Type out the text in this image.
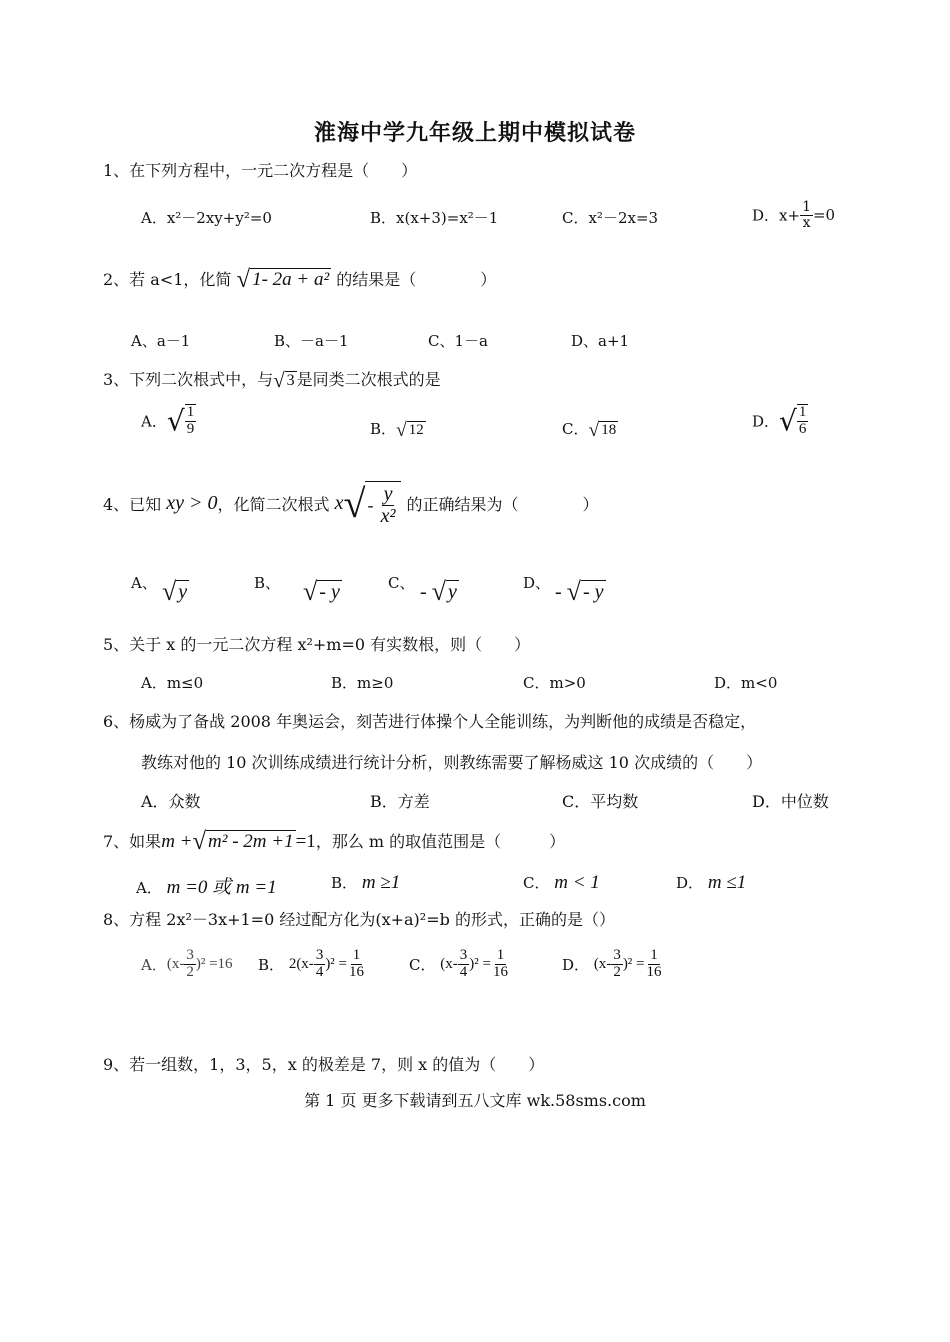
淮海中学九年级上期中模拟试卷
1、在下列方程中，一元二次方程是（　　）
A．x²－2xy+y²=0	B．x(x+3)=x²－1	C．x²－2x=3	D．$x+ \frac{1}{x} =0$
2、若 a<1，化简 √ 1- 2a + a² 的结果是（　　　　）
A、a－1	B、－a－1	C、1－a	D、a+1
3、下列二次根式中，与√ 3 是同类二次根式的是
A．√ $\frac{1}{9}$	B．√ 12	C．√ 18	D．√ $\frac{1}{6}$
4、已知 xy > 0，化简二次根式 $x√ - \frac{y}{\text{x²}}$ 的正确结果为（　　　　）
A、 √ y	B、 √ - y	C、 - √ y	D、 - √ - y
5、关于 x 的一元二次方程 x²+m=0 有实数根，则（　　）
A．m≤0	B．m≥0	C．m>0	D．m<0
6、杨威为了备战 2008 年奥运会，刻苦进行体操个人全能训练，为判断他的成绩是否稳定，
教练对他的 10 次训练成绩进行统计分析，则教练需要了解杨威这 10 次成绩的（　　）
A．众数	B．方差	C．平均数	D．中位数
7、如果m +√ m² - 2m +1 =1，那么 m 的取值范围是（　　　）
A． m =0 或 m =1	B． m ≥1	C． m < 1	D． m ≤1
8、方程 2x²－3x+1=0 经过配方化为(x+a)²=b 的形式，正确的是（）
A．$(x- \frac{3}{2} )^2 =16$ B． $2(x- \frac{3}{4} )^2 = \frac{1}{16}$	C． $(x- \frac{3}{4} )^2 = \frac{1}{16}$	D． $(x- \frac{3}{2} )^2 = \frac{1}{16}$
9、若一组数，1，3，5，x 的极差是 7，则 x 的值为（　　）
第 1 页 更多下载请到五八文库 wk.58sms.com
